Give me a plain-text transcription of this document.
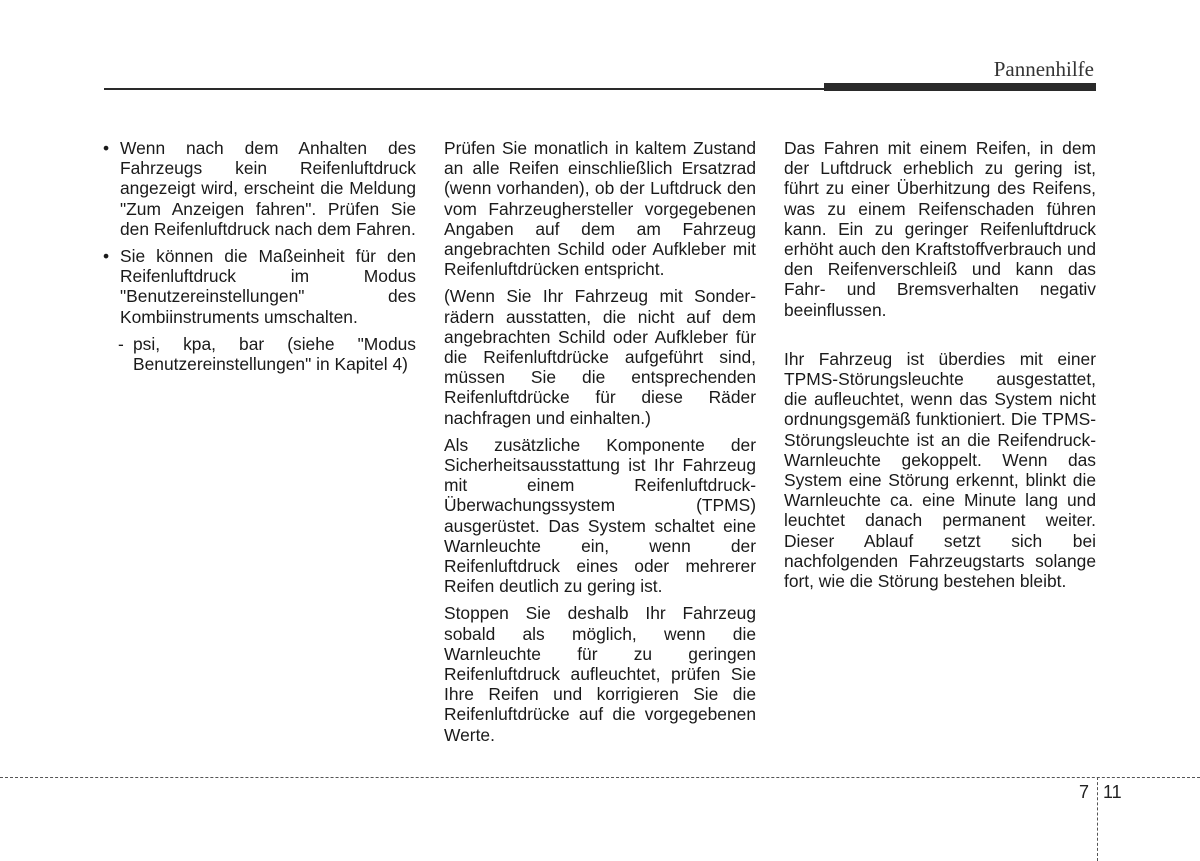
Pannenhilfe
• Wenn nach dem Anhalten des Fahrzeugs kein Reifenluftdruck angezeigt wird, erscheint die Meldung "Zum Anzeigen fahren". Prüfen Sie den Reifenluftdruck nach dem Fahren.
• Sie können die Maßeinheit für den Reifenluftdruck im Modus "Benutzereinstellungen" des Kombiinstruments umschalten.
- psi, kpa, bar (siehe "Modus Benutzereinstellungen" in Kapitel 4)

Prüfen Sie monatlich in kaltem Zustand an alle Reifen einschließlich Ersatzrad (wenn vorhanden), ob der Luftdruck den vom Fahrzeughersteller vorgegebenen Angaben auf dem am Fahrzeug angebrachten Schild oder Aufkleber mit Reifenluftdrücken entspricht.

(Wenn Sie Ihr Fahrzeug mit Sonderrädern ausstatten, die nicht auf dem angebrachten Schild oder Aufkleber für die Reifenluftdrücke aufgeführt sind, müssen Sie die entsprechenden Reifenluftdrücke für diese Räder nachfragen und einhalten.)

Als zusätzliche Komponente der Sicherheitsausstattung ist Ihr Fahrzeug mit einem Reifenluftdruck-Überwachungssystem (TPMS) ausgerüstet. Das System schaltet eine Warnleuchte ein, wenn der Reifenluftdruck eines oder mehrerer Reifen deutlich zu gering ist.

Stoppen Sie deshalb Ihr Fahrzeug sobald als möglich, wenn die Warnleuchte für zu geringen Reifenluftdruck aufleuchtet, prüfen Sie Ihre Reifen und korrigieren Sie die Reifenluftdrücke auf die vorgegebenen Werte.

Das Fahren mit einem Reifen, in dem der Luftdruck erheblich zu gering ist, führt zu einer Überhitzung des Reifens, was zu einem Reifenschaden führen kann. Ein zu geringer Reifenluftdruck erhöht auch den Kraftstoffverbrauch und den Reifenverschleiß und kann das Fahr- und Bremsverhalten negativ beeinflussen.

Ihr Fahrzeug ist überdies mit einer TPMS-Störungsleuchte ausgestattet, die aufleuchtet, wenn das System nicht ordnungsgemäß funktioniert. Die TPMS-Störungsleuchte ist an die Reifendruck-Warnleuchte gekoppelt. Wenn das System eine Störung erkennt, blinkt die Warnleuchte ca. eine Minute lang und leuchtet danach permanent weiter. Dieser Ablauf setzt sich bei nachfolgenden Fahrzeugstarts solange fort, wie die Störung bestehen bleibt.

7 11
